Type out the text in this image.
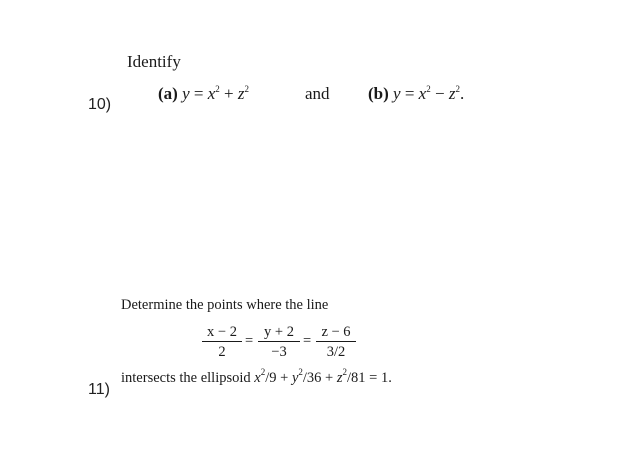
10)
Identify
(a) $y = x^2 + z^2$	and (b) $y = x^2 - z^2$.
Determine the points where the line
x − 2
2
=
y + 2
−3
=
z − 6
3/2
intersects the ellipsoid $x^2/9 + y^2/36 + z^2/81 = 1$.
11)
